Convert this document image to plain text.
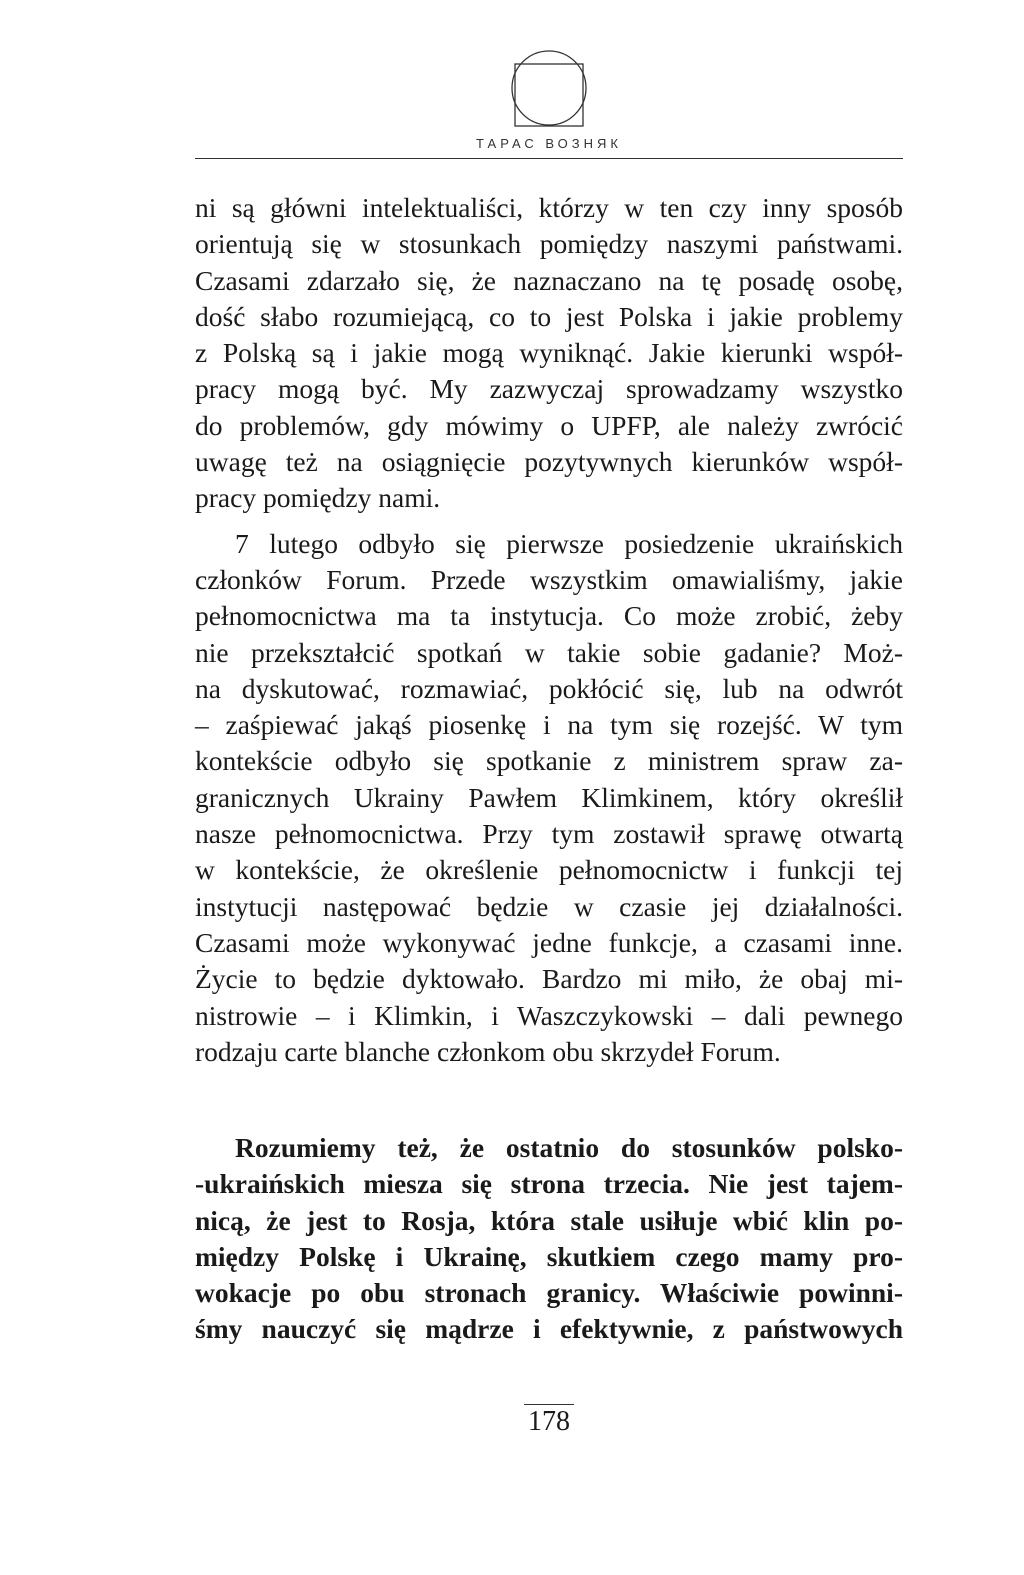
ТАРАС ВОЗНЯК

ni są główni intelektualiści, którzy w ten czy inny sposób
orientują się w stosunkach pomiędzy naszymi państwami.
Czasami zdarzało się, że naznaczano na tę posadę osobę,
dość słabo rozumiejącą, co to jest Polska i jakie problemy
z Polską są i jakie mogą wyniknąć. Jakie kierunki współ-
pracy mogą być. My zazwyczaj sprowadzamy wszystko
do problemów, gdy mówimy o UPFP, ale należy zwrócić
uwagę też na osiągnięcie pozytywnych kierunków współ-
pracy pomiędzy nami.

7 lutego odbyło się pierwsze posiedzenie ukraińskich
członków Forum. Przede wszystkim omawialiśmy, jakie
pełnomocnictwa ma ta instytucja. Co może zrobić, żeby
nie przekształcić spotkań w takie sobie gadanie? Moż-
na dyskutować, rozmawiać, pokłócić się, lub na odwrót
– zaśpiewać jakąś piosenkę i na tym się rozejść. W tym
kontekście odbyło się spotkanie z ministrem spraw za-
granicznych Ukrainy Pawłem Klimkinem, który określił
nasze pełnomocnictwa. Przy tym zostawił sprawę otwartą
w kontekście, że określenie pełnomocnictw i funkcji tej
instytucji następować będzie w czasie jej działalności.
Czasami może wykonywać jedne funkcje, a czasami inne.
Życie to będzie dyktowało. Bardzo mi miło, że obaj mi-
nistrowie – i Klimkin, i Waszczykowski – dali pewnego
rodzaju carte blanche członkom obu skrzydeł Forum.

Rozumiemy też, że ostatnio do stosunków polsko-
-ukraińskich miesza się strona trzecia. Nie jest tajem-
nicą, że jest to Rosja, która stale usiłuje wbić klin po-
między Polskę i Ukrainę, skutkiem czego mamy pro-
wokacje po obu stronach granicy. Właściwie powinni-
śmy nauczyć się mądrze i efektywnie, z państwowych
178
